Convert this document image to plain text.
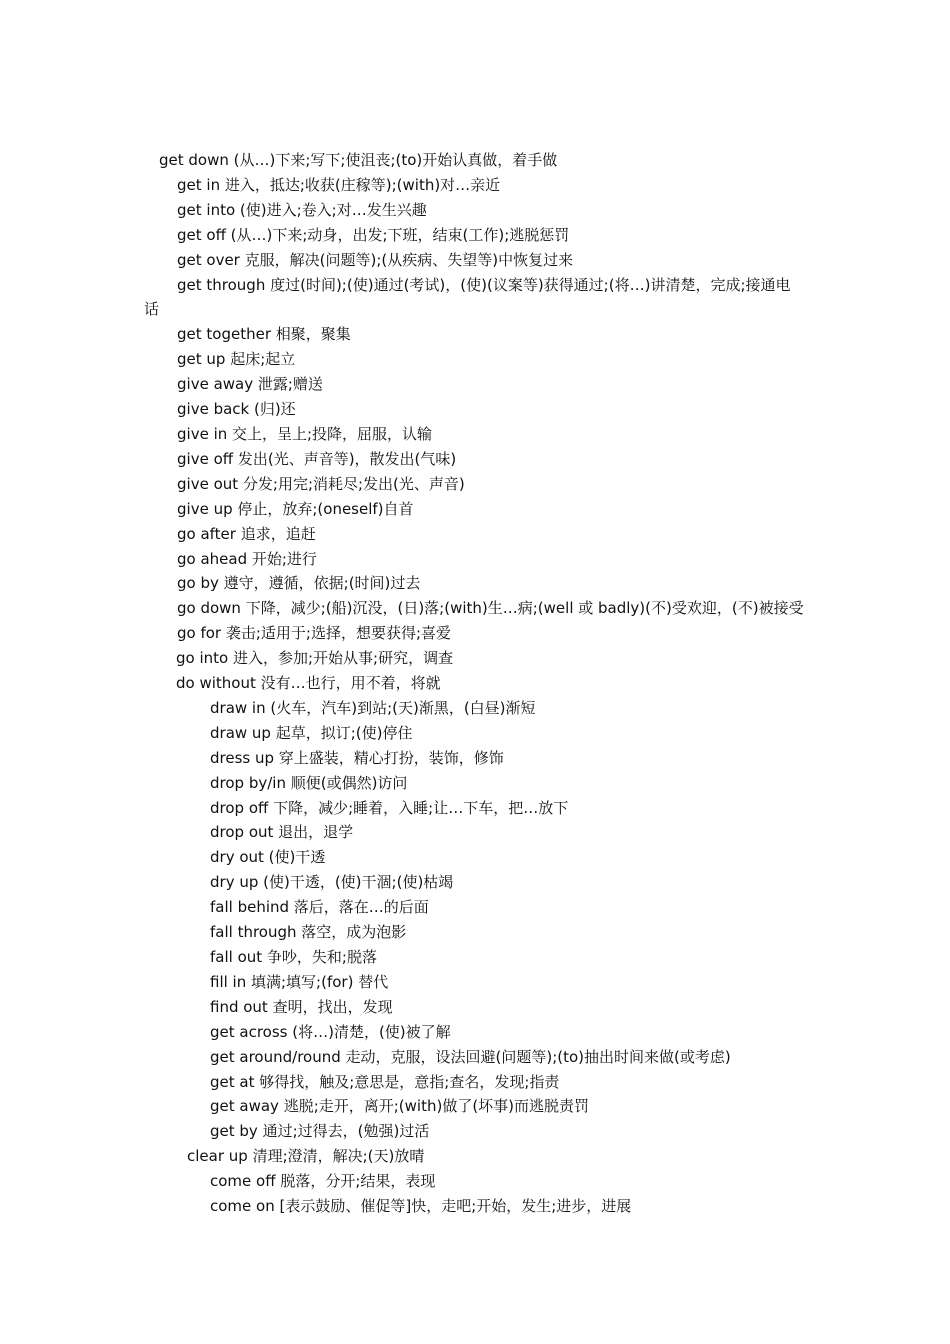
get down (从…)下来;写下;使沮丧;(to)开始认真做，着手做
get in 进入，抵达;收获(庄稼等);(with)对…亲近
get into (使)进入;卷入;对…发生兴趣
get off (从…)下来;动身，出发;下班，结束(工作);逃脱惩罚
get over 克服，解决(问题等);(从疾病、失望等)中恢复过来
get through 度过(时间);(使)通过(考试)，(使)(议案等)获得通过;(将…)讲清楚，完成;接通电话
get together 相聚，聚集
get up 起床;起立
give away 泄露;赠送
give back (归)还
give in 交上，呈上;投降，屈服，认输
give off 发出(光、声音等)，散发出(气味)
give out 分发;用完;消耗尽;发出(光、声音)
give up 停止，放弃;(oneself)自首
go after 追求，追赶
go ahead 开始;进行
go by 遵守，遵循，依据;(时间)过去
go down 下降，减少;(船)沉没，(日)落;(with)生…病;(well 或 badly)(不)受欢迎，(不)被接受
go for 袭击;适用于;选择，想要获得;喜爱
go into 进入，参加;开始从事;研究，调查
do without 没有…也行，用不着，将就
draw in (火车，汽车)到站;(天)渐黑，(白昼)渐短
draw up 起草，拟订;(使)停住
dress up 穿上盛装，精心打扮，装饰，修饰
drop by/in 顺便(或偶然)访问
drop off 下降，减少;睡着，入睡;让…下车，把…放下
drop out 退出，退学
dry out (使)干透
dry up (使)干透，(使)干涸;(使)枯竭
fall behind 落后，落在…的后面
fall through 落空，成为泡影
fall out 争吵，失和;脱落
fill in 填满;填写;(for) 替代
find out 查明，找出，发现
get across (将…)清楚，(使)被了解
get around/round 走动，克服，设法回避(问题等);(to)抽出时间来做(或考虑)
get at 够得找，触及;意思是，意指;查名，发现;指责
get away 逃脱;走开，离开;(with)做了(坏事)而逃脱责罚
get by 通过;过得去，(勉强)过活
clear up 清理;澄清，解决;(天)放晴
come off 脱落，分开;结果，表现
come on [表示鼓励、催促等]快，走吧;开始，发生;进步，进展
